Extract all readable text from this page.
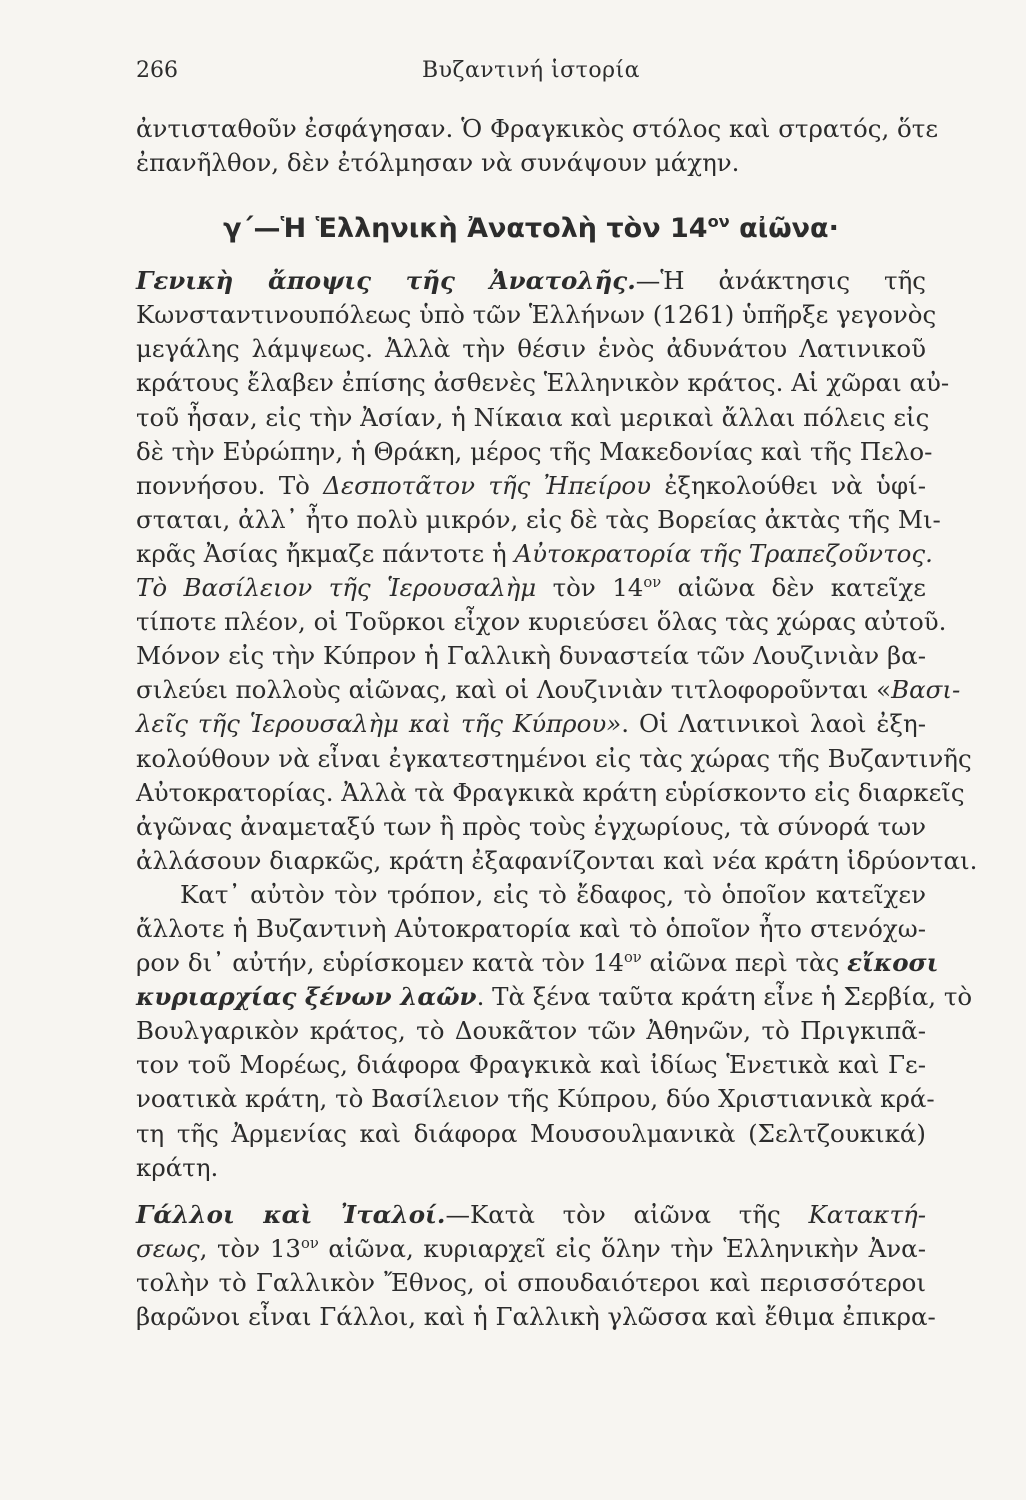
266	Βυζαντινή ἱστορία
ἀντισταθοῦν ἐσφάγησαν. Ὁ Φραγκικὸς στόλος καὶ στρατός, ὅτε
ἐπανῆλθον, δὲν ἐτόλμησαν νὰ συνάψουν μάχην.
γ΄—Ἡ Ἑλληνικὴ Ἀνατολὴ τὸν $14^{o\nu}$ αἰῶνα·
Γενικὴ ἄποψις τῆς Ἀνατολῆς.—Ἡ ἀνάκτησις τῆς
Κωνσταντινουπόλεως ὑπὸ τῶν Ἑλλήνων (1261) ὑπῆρξε γεγονὸς
μεγάλης λάμψεως. Ἀλλὰ τὴν θέσιν ἑνὸς ἀδυνάτου Λατινικοῦ
κράτους ἔλαβεν ἐπίσης ἀσθενὲς Ἑλληνικὸν κράτος. Αἱ χῶραι αὐ-
τοῦ ἦσαν, εἰς τὴν Ἀσίαν, ἡ Νίκαια καὶ μερικαὶ ἄλλαι πόλεις εἰς
δὲ τὴν Εὐρώπην, ἡ Θράκη, μέρος τῆς Μακεδονίας καὶ τῆς Πελο-
ποννήσου. Τὸ Δεσποτᾶτον τῆς Ἠπείρου ἐξηκολούθει νὰ ὑφί-
σταται, ἀλλ᾽ ἦτο πολὺ μικρόν, εἰς δὲ τὰς Βορείας ἀκτὰς τῆς Μι-
κρᾶς Ἀσίας ἤκμαζε πάντοτε ἡ Αὐτοκρατορία τῆς Τραπεζοῦντος.
Τὸ Βασίλειον τῆς Ἱερουσαλὴμ τὸν $14^{o\nu}$ αἰῶνα δὲν κατεῖχε
τίποτε πλέον, οἱ Τοῦρκοι εἶχον κυριεύσει ὅλας τὰς χώρας αὐτοῦ.
Μόνον εἰς τὴν Κύπρον ἡ Γαλλικὴ δυναστεία τῶν Λουζινιὰν βα-
σιλεύει πολλοὺς αἰῶνας, καὶ οἱ Λουζινιὰν τιτλοφοροῦνται «Βασι-
λεῖς τῆς Ἱερουσαλὴμ καὶ τῆς Κύπρου». Οἱ Λατινικοὶ λαοὶ ἐξη-
κολούθουν νὰ εἶναι ἐγκατεστημένοι εἰς τὰς χώρας τῆς Βυζαντινῆς
Αὐτοκρατορίας. Ἀλλὰ τὰ Φραγκικὰ κράτη εὑρίσκοντο εἰς διαρκεῖς
ἀγῶνας ἀναμεταξύ των ἢ πρὸς τοὺς ἐγχωρίους, τὰ σύνορά των
ἀλλάσουν διαρκῶς, κράτη ἐξαφανίζονται καὶ νέα κράτη ἱδρύονται.
Κατ᾽ αὐτὸν τὸν τρόπον, εἰς τὸ ἔδαφος, τὸ ὁποῖον κατεῖχεν
ἄλλοτε ἡ Βυζαντινὴ Αὐτοκρατορία καὶ τὸ ὁποῖον ἦτο στενόχω-
ρον δι᾽ αὐτήν, εὑρίσκομεν κατὰ τὸν $14^{o\nu}$ αἰῶνα περὶ τὰς εἴκοσι
κυριαρχίας ξένων λαῶν. Τὰ ξένα ταῦτα κράτη εἶνε ἡ Σερβία, τὸ
Βουλγαρικὸν κράτος, τὸ Δουκᾶτον τῶν Ἀθηνῶν, τὸ Πριγκιπᾶ-
τον τοῦ Μορέως, διάφορα Φραγκικὰ καὶ ἰδίως Ἑνετικὰ καὶ Γε-
νοατικὰ κράτη, τὸ Βασίλειον τῆς Κύπρου, δύο Χριστιανικὰ κρά-
τη τῆς Ἀρμενίας καὶ διάφορα Μουσουλμανικὰ (Σελτζουκικά)
κράτη.
Γάλλοι καὶ Ἰταλοί.—Κατὰ τὸν αἰῶνα τῆς Κατακτή-
σεως, τὸν $13^{o\nu}$ αἰῶνα, κυριαρχεῖ εἰς ὅλην τὴν Ἑλληνικὴν Ἀνα-
τολὴν τὸ Γαλλικὸν Ἔθνος, οἱ σπουδαιότεροι καὶ περισσότεροι
βαρῶνοι εἶναι Γάλλοι, καὶ ἡ Γαλλικὴ γλῶσσα καὶ ἔθιμα ἐπικρα-
